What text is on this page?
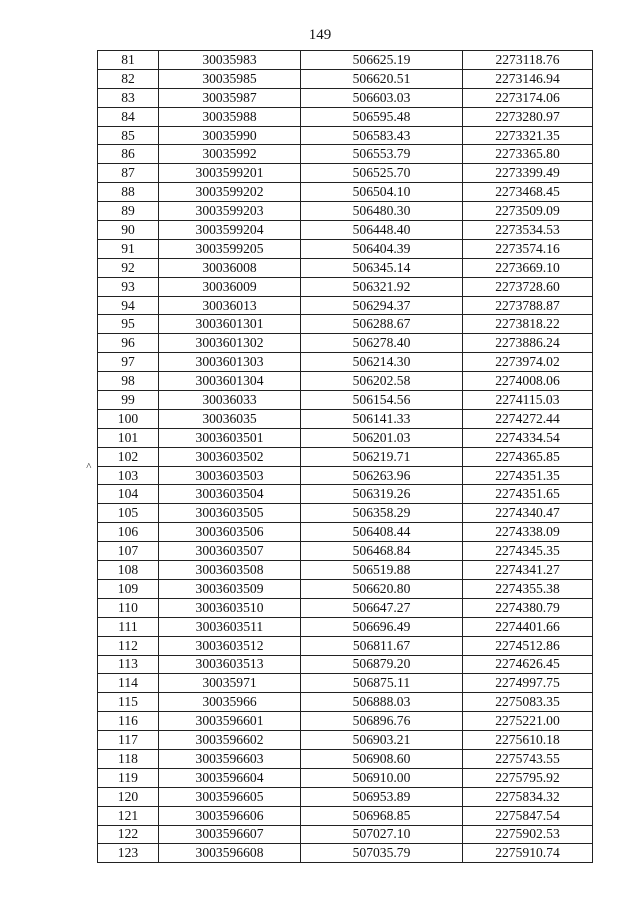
149
˄
81	30035983	506625.19	2273118.76
82	30035985	506620.51	2273146.94
83	30035987	506603.03	2273174.06
84	30035988	506595.48	2273280.97
85	30035990	506583.43	2273321.35
86	30035992	506553.79	2273365.80
87	3003599201	506525.70	2273399.49
88	3003599202	506504.10	2273468.45
89	3003599203	506480.30	2273509.09
90	3003599204	506448.40	2273534.53
91	3003599205	506404.39	2273574.16
92	30036008	506345.14	2273669.10
93	30036009	506321.92	2273728.60
94	30036013	506294.37	2273788.87
95	3003601301	506288.67	2273818.22
96	3003601302	506278.40	2273886.24
97	3003601303	506214.30	2273974.02
98	3003601304	506202.58	2274008.06
99	30036033	506154.56	2274115.03
100	30036035	506141.33	2274272.44
101	3003603501	506201.03	2274334.54
102	3003603502	506219.71	2274365.85
103	3003603503	506263.96	2274351.35
104	3003603504	506319.26	2274351.65
105	3003603505	506358.29	2274340.47
106	3003603506	506408.44	2274338.09
107	3003603507	506468.84	2274345.35
108	3003603508	506519.88	2274341.27
109	3003603509	506620.80	2274355.38
110	3003603510	506647.27	2274380.79
111	3003603511	506696.49	2274401.66
112	3003603512	506811.67	2274512.86
113	3003603513	506879.20	2274626.45
114	30035971	506875.11	2274997.75
115	30035966	506888.03	2275083.35
116	3003596601	506896.76	2275221.00
117	3003596602	506903.21	2275610.18
118	3003596603	506908.60	2275743.55
119	3003596604	506910.00	2275795.92
120	3003596605	506953.89	2275834.32
121	3003596606	506968.85	2275847.54
122	3003596607	507027.10	2275902.53
123	3003596608	507035.79	2275910.74
